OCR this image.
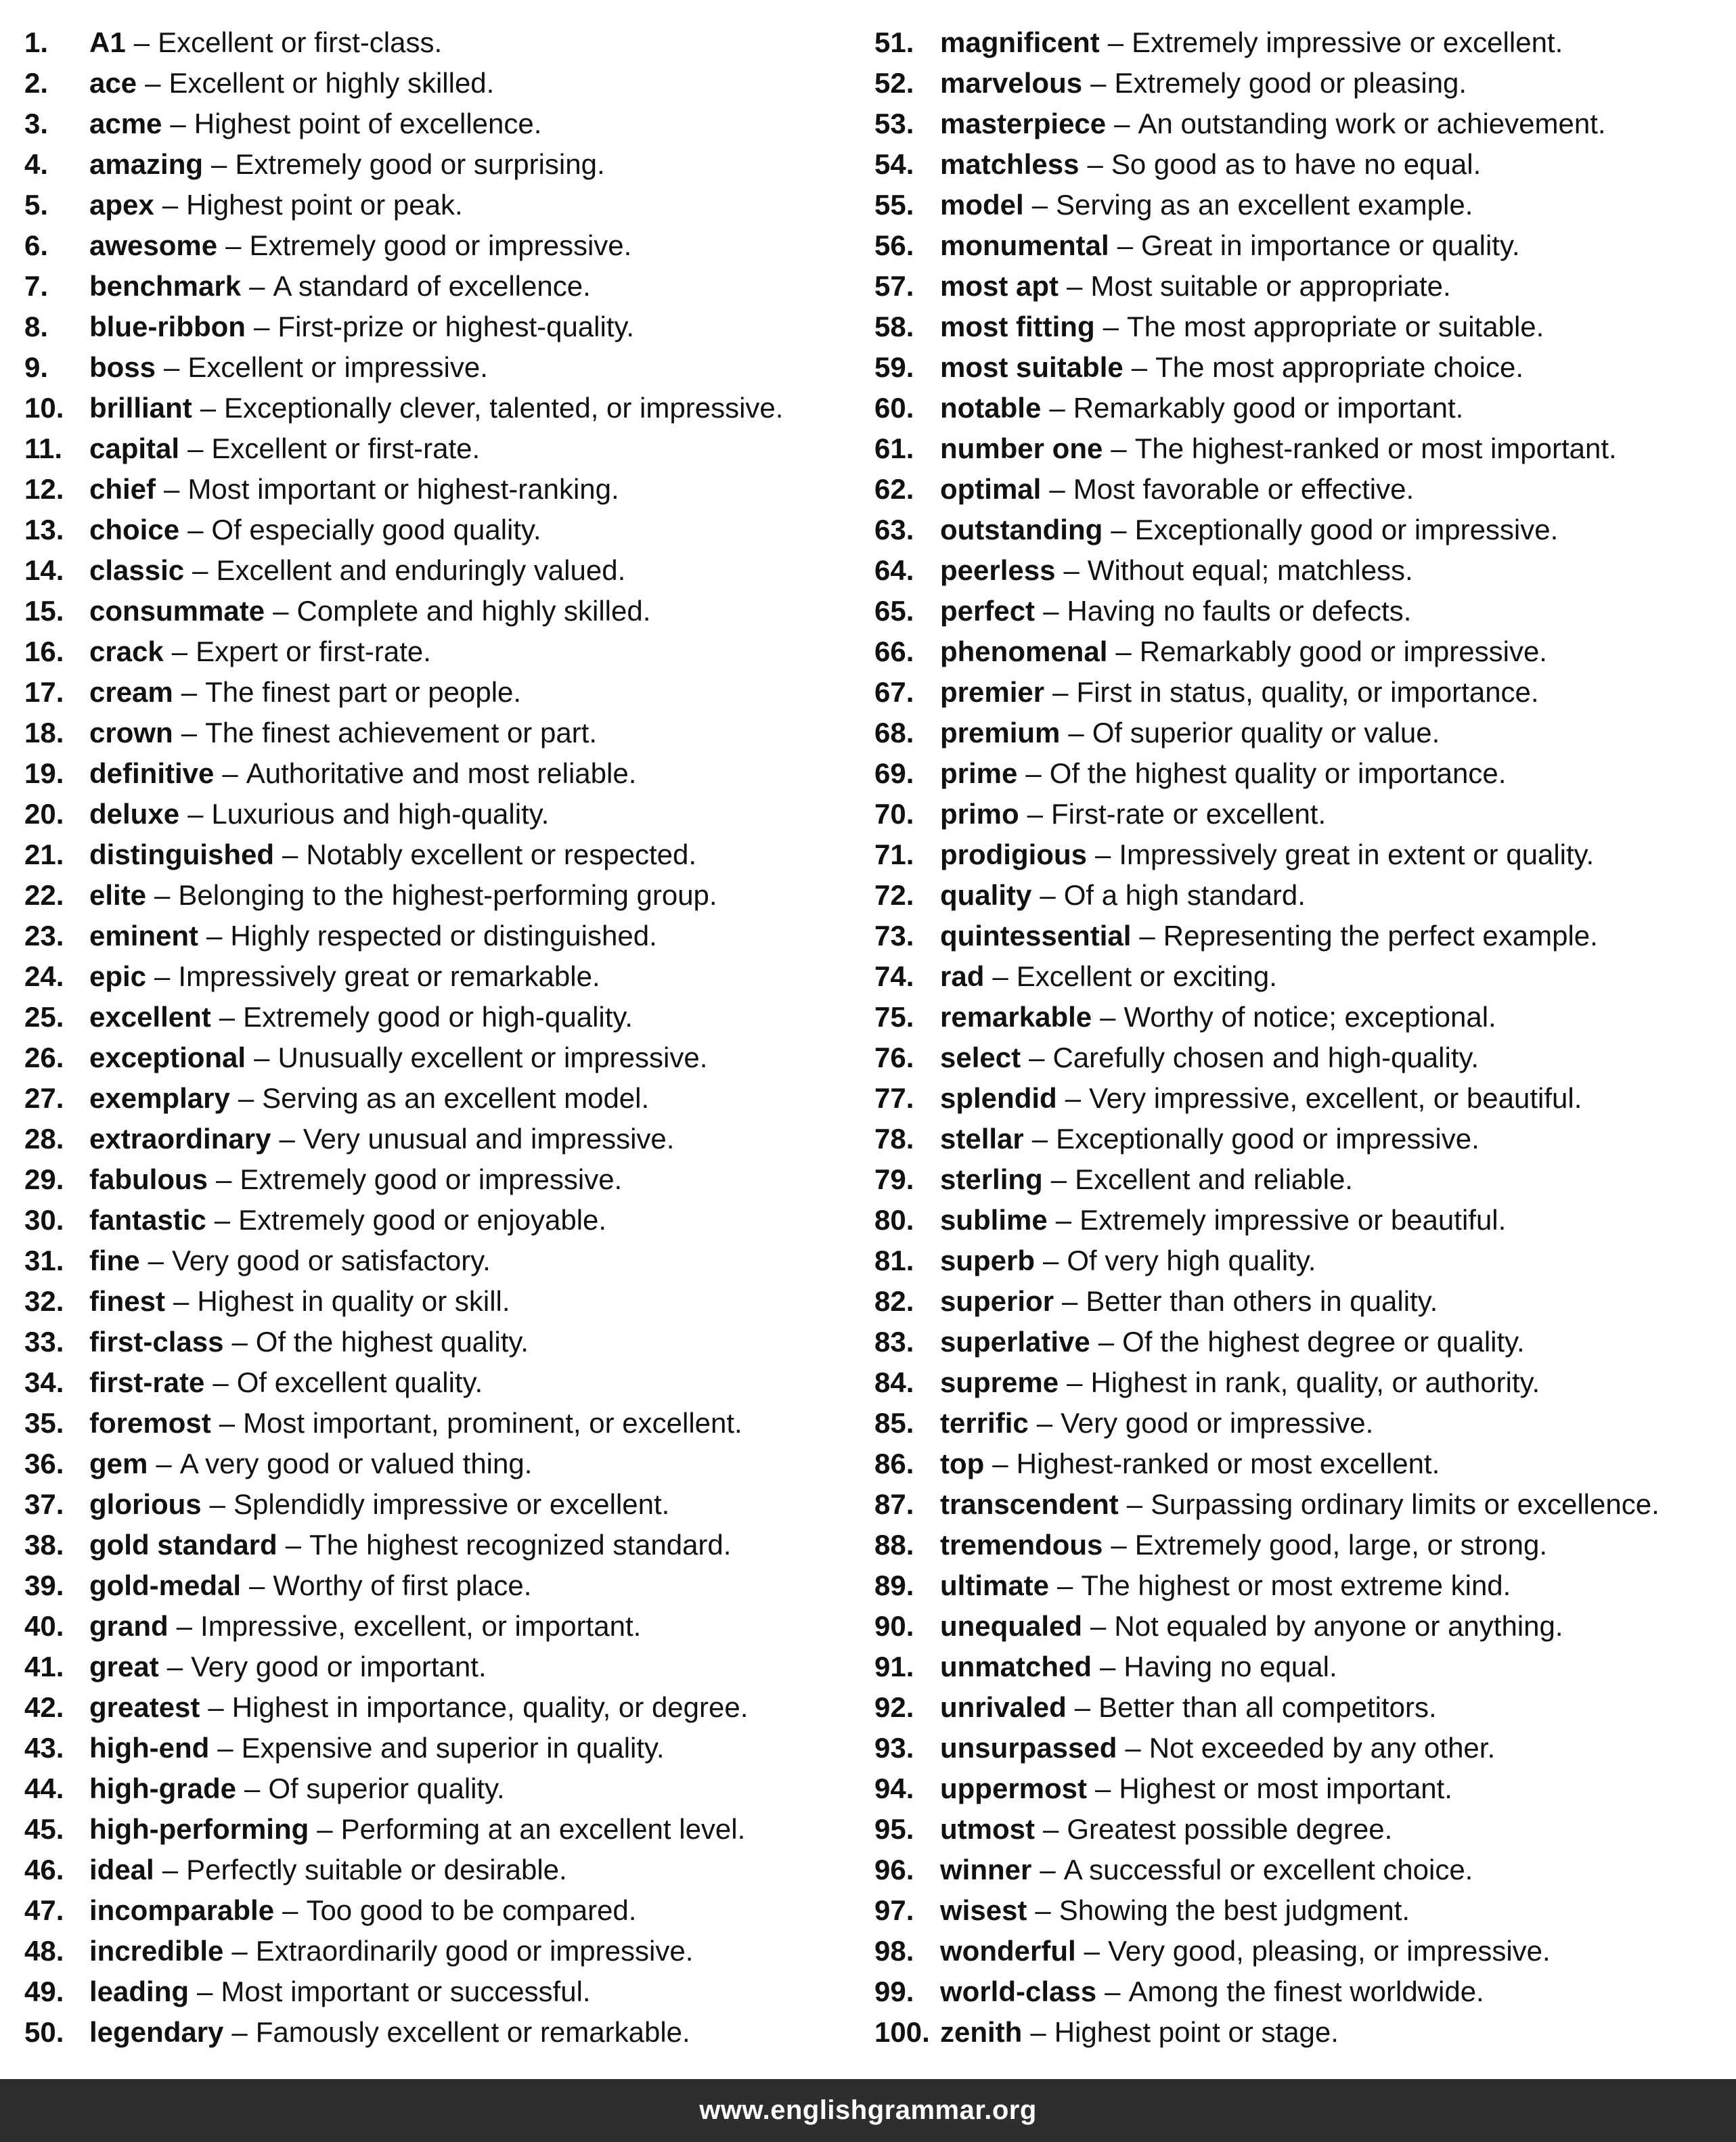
1.	A1 – Excellent or first-class.
2.	ace – Excellent or highly skilled.
3.	acme – Highest point of excellence.
4.	amazing – Extremely good or surprising.
5.	apex – Highest point or peak.
6.	awesome – Extremely good or impressive.
7.	benchmark – A standard of excellence.
8.	blue-ribbon – First-prize or highest-quality.
9.	boss – Excellent or impressive.
10. brilliant – Exceptionally clever, talented, or impressive.
11. capital – Excellent or first-rate.
12. chief – Most important or highest-ranking.
13. choice – Of especially good quality.
14. classic – Excellent and enduringly valued.
15. consummate – Complete and highly skilled.
16. crack – Expert or first-rate.
17. cream – The finest part or people.
18. crown – The finest achievement or part.
19. definitive – Authoritative and most reliable.
20. deluxe – Luxurious and high-quality.
21. distinguished – Notably excellent or respected.
22. elite – Belonging to the highest-performing group.
23. eminent – Highly respected or distinguished.
24. epic – Impressively great or remarkable.
25. excellent – Extremely good or high-quality.
26. exceptional – Unusually excellent or impressive.
27. exemplary – Serving as an excellent model.
28. extraordinary – Very unusual and impressive.
29. fabulous – Extremely good or impressive.
30. fantastic – Extremely good or enjoyable.
31. fine – Very good or satisfactory.
32. finest – Highest in quality or skill.
33. first-class – Of the highest quality.
34. first-rate – Of excellent quality.
35. foremost – Most important, prominent, or excellent.
36. gem – A very good or valued thing.
37. glorious – Splendidly impressive or excellent.
38. gold standard – The highest recognized standard.
39. gold-medal – Worthy of first place.
40. grand – Impressive, excellent, or important.
41. great – Very good or important.
42. greatest – Highest in importance, quality, or degree.
43. high-end – Expensive and superior in quality.
44. high-grade – Of superior quality.
45. high-performing – Performing at an excellent level.
46. ideal – Perfectly suitable or desirable.
47. incomparable – Too good to be compared.
48. incredible – Extraordinarily good or impressive.
49. leading – Most important or successful.
50. legendary – Famously excellent or remarkable.
51. magnificent – Extremely impressive or excellent.
52. marvelous – Extremely good or pleasing.
53. masterpiece – An outstanding work or achievement.
54. matchless – So good as to have no equal.
55. model – Serving as an excellent example.
56. monumental – Great in importance or quality.
57. most apt – Most suitable or appropriate.
58. most fitting – The most appropriate or suitable.
59. most suitable – The most appropriate choice.
60. notable – Remarkably good or important.
61. number one – The highest-ranked or most important.
62. optimal – Most favorable or effective.
63. outstanding – Exceptionally good or impressive.
64. peerless – Without equal; matchless.
65. perfect – Having no faults or defects.
66. phenomenal – Remarkably good or impressive.
67. premier – First in status, quality, or importance.
68. premium – Of superior quality or value.
69. prime – Of the highest quality or importance.
70. primo – First-rate or excellent.
71. prodigious – Impressively great in extent or quality.
72. quality – Of a high standard.
73. quintessential – Representing the perfect example.
74. rad – Excellent or exciting.
75. remarkable – Worthy of notice; exceptional.
76. select – Carefully chosen and high-quality.
77. splendid – Very impressive, excellent, or beautiful.
78. stellar – Exceptionally good or impressive.
79. sterling – Excellent and reliable.
80. sublime – Extremely impressive or beautiful.
81. superb – Of very high quality.
82. superior – Better than others in quality.
83. superlative – Of the highest degree or quality.
84. supreme – Highest in rank, quality, or authority.
85. terrific – Very good or impressive.
86. top – Highest-ranked or most excellent.
87. transcendent – Surpassing ordinary limits or excellence.
88. tremendous – Extremely good, large, or strong.
89. ultimate – The highest or most extreme kind.
90. unequaled – Not equaled by anyone or anything.
91. unmatched – Having no equal.
92. unrivaled – Better than all competitors.
93. unsurpassed – Not exceeded by any other.
94. uppermost – Highest or most important.
95. utmost – Greatest possible degree.
96. winner – A successful or excellent choice.
97. wisest – Showing the best judgment.
98. wonderful – Very good, pleasing, or impressive.
99. world-class – Among the finest worldwide.
100. zenith – Highest point or stage.
www.englishgrammar.org
